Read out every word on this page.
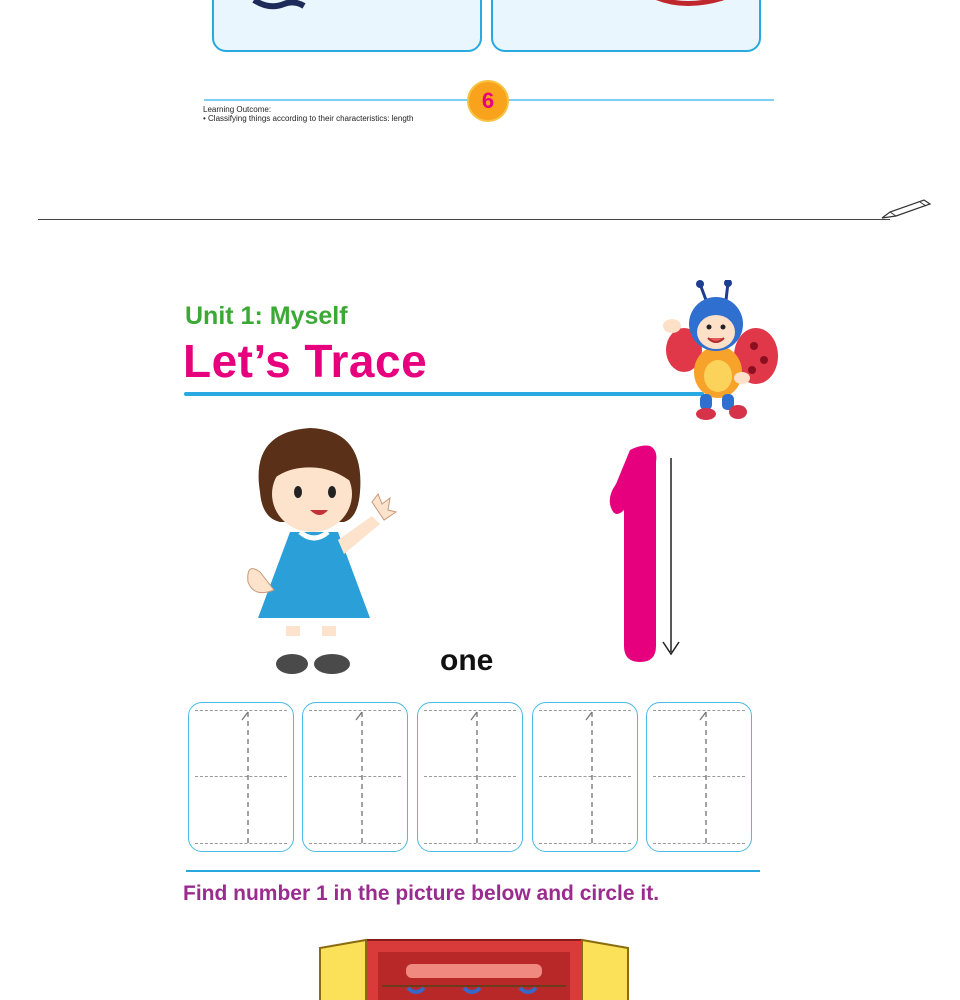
6
Learning Outcome:
• Classifying things according to their characteristics: length
Unit 1: Myself
Let’s Trace
one
Find number 1 in the picture below and circle it.
